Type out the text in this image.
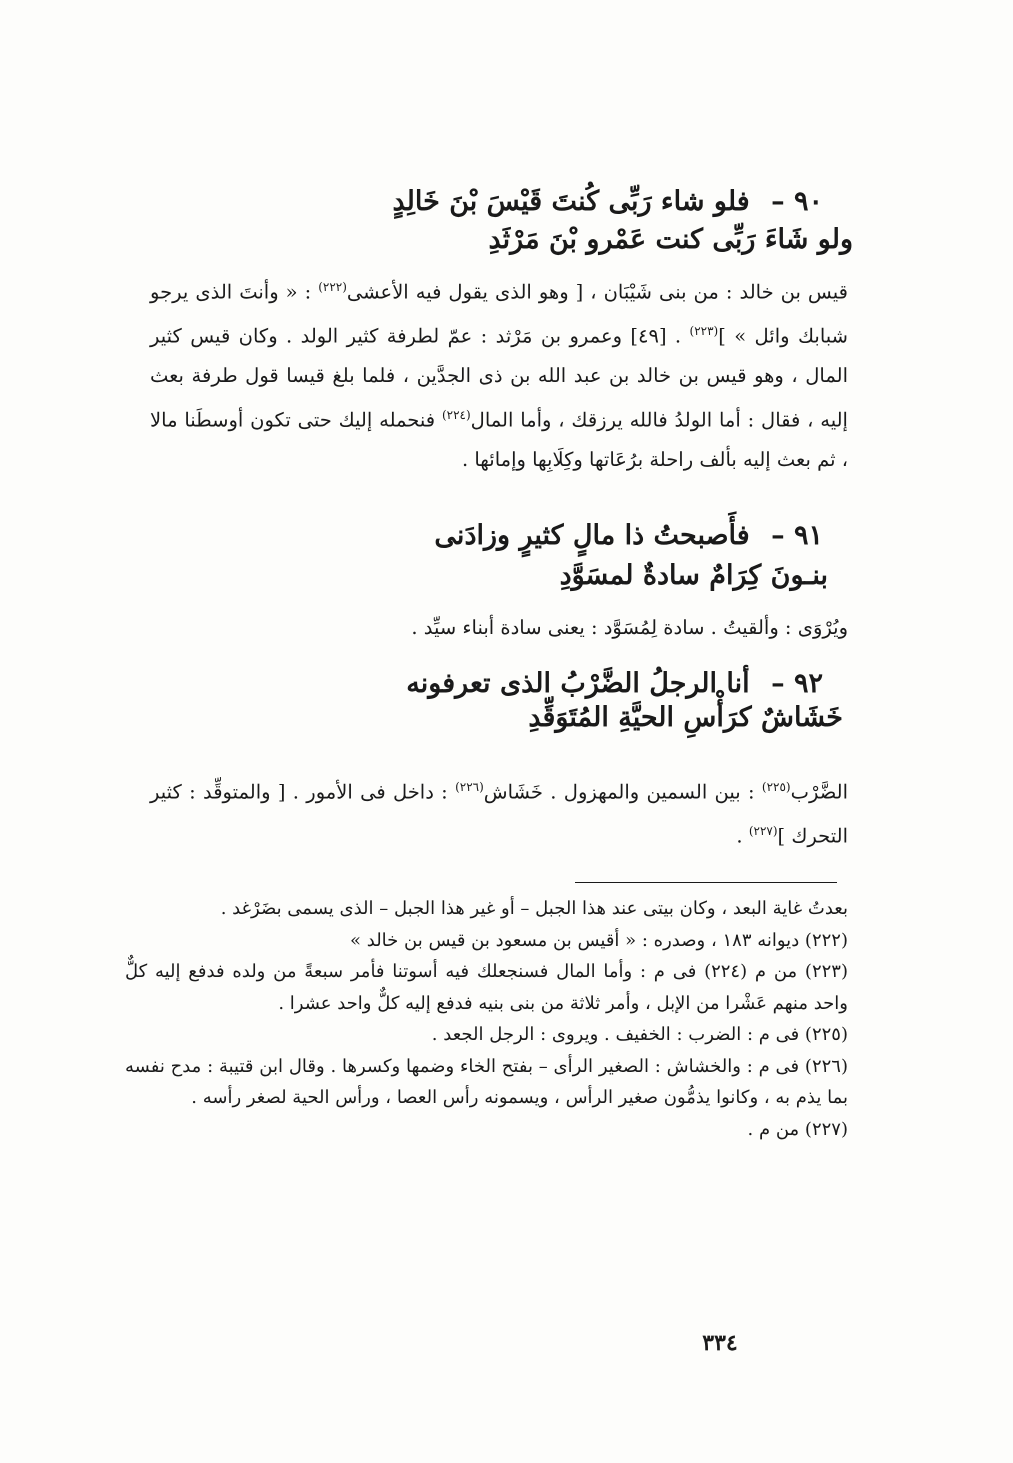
٩٠ – فلو شاء رَبِّى كُنتَ قَيْسَ بْنَ خَالِدٍ
ولو شَاءَ رَبِّى كنت عَمْرو بْنَ مَرْثَدِ

قيس بن خالد : من بنى شَيْبَان ، [ وهو الذى يقول فيه الأعشى$^{(٢٢٢)}$ : « وأنتَ الذى يرجو شبابك وائل » ]$^{(٢٢٣)}$ . [٤٩] وعمرو بن مَرْثد : عمّ لطرفة كثير الولد . وكان قيس كثير المال ، وهو قيس بن خالد بن عبد الله بن ذى الجدَّين ، فلما بلغ قيسا قول طرفة بعث إليه ، فقال : أما الولدُ فالله يرزقك ، وأما المال$^{(٢٢٤)}$ فنحمله إليك حتى تكون أوسطَنا مالا ، ثم بعث إليه بألف راحلة برُعَاتها وكِلَابِها وإمائها .

٩١ – فأَصبحتُ ذا مالٍ كثيرٍ وزادَنى
بنـونَ كِرَامٌ سادةٌ لمسَوَّدِ

ويُرْوَى : وألقيتُ . سادة لِمُسَوَّد : يعنى سادة أبناء سيِّد .

٩٢ – أنا الرجلُ الضَّرْبُ الذى تعرفونه
خَشَاشٌ كرَأْسِ الحيَّةِ المُتَوَقِّدِ

الضَّرْب$^{(٢٢٥)}$ : بين السمين والمهزول . خَشَاش$^{(٢٢٦)}$ : داخل فى الأمور . [ والمتوقِّد : كثير التحرك ]$^{(٢٢٧)}$ .

بعدتُ غاية البعد ، وكان بيتى عند هذا الجبل – أو غير هذا الجبل – الذى يسمى بضَرْغد .

(٢٢٢) ديوانه ١٨٣ ، وصدره : « أقيس بن مسعود بن قيس بن خالد »

(٢٢٣) من م (٢٢٤) فى م : وأما المال فسنجعلك فيه أسوتنا فأمر سبعةً من ولده فدفع إليه كلٌّ واحد منهم عَشْرا من الإبل ، وأمر ثلاثة من بنى بنيه فدفع إليه كلٌّ واحد عشرا .

(٢٢٥) فى م : الضرب : الخفيف . ويروى : الرجل الجعد .

(٢٢٦) فى م : والخشاش : الصغير الرأى – بفتح الخاء وضمها وكسرها . وقال ابن قتيبة : مدح نفسه بما يذم به ، وكانوا يذمُّون صغير الرأس ، ويسمونه رأس العصا ، ورأس الحية لصغر رأسه .

(٢٢٧) من م .

٣٣٤
